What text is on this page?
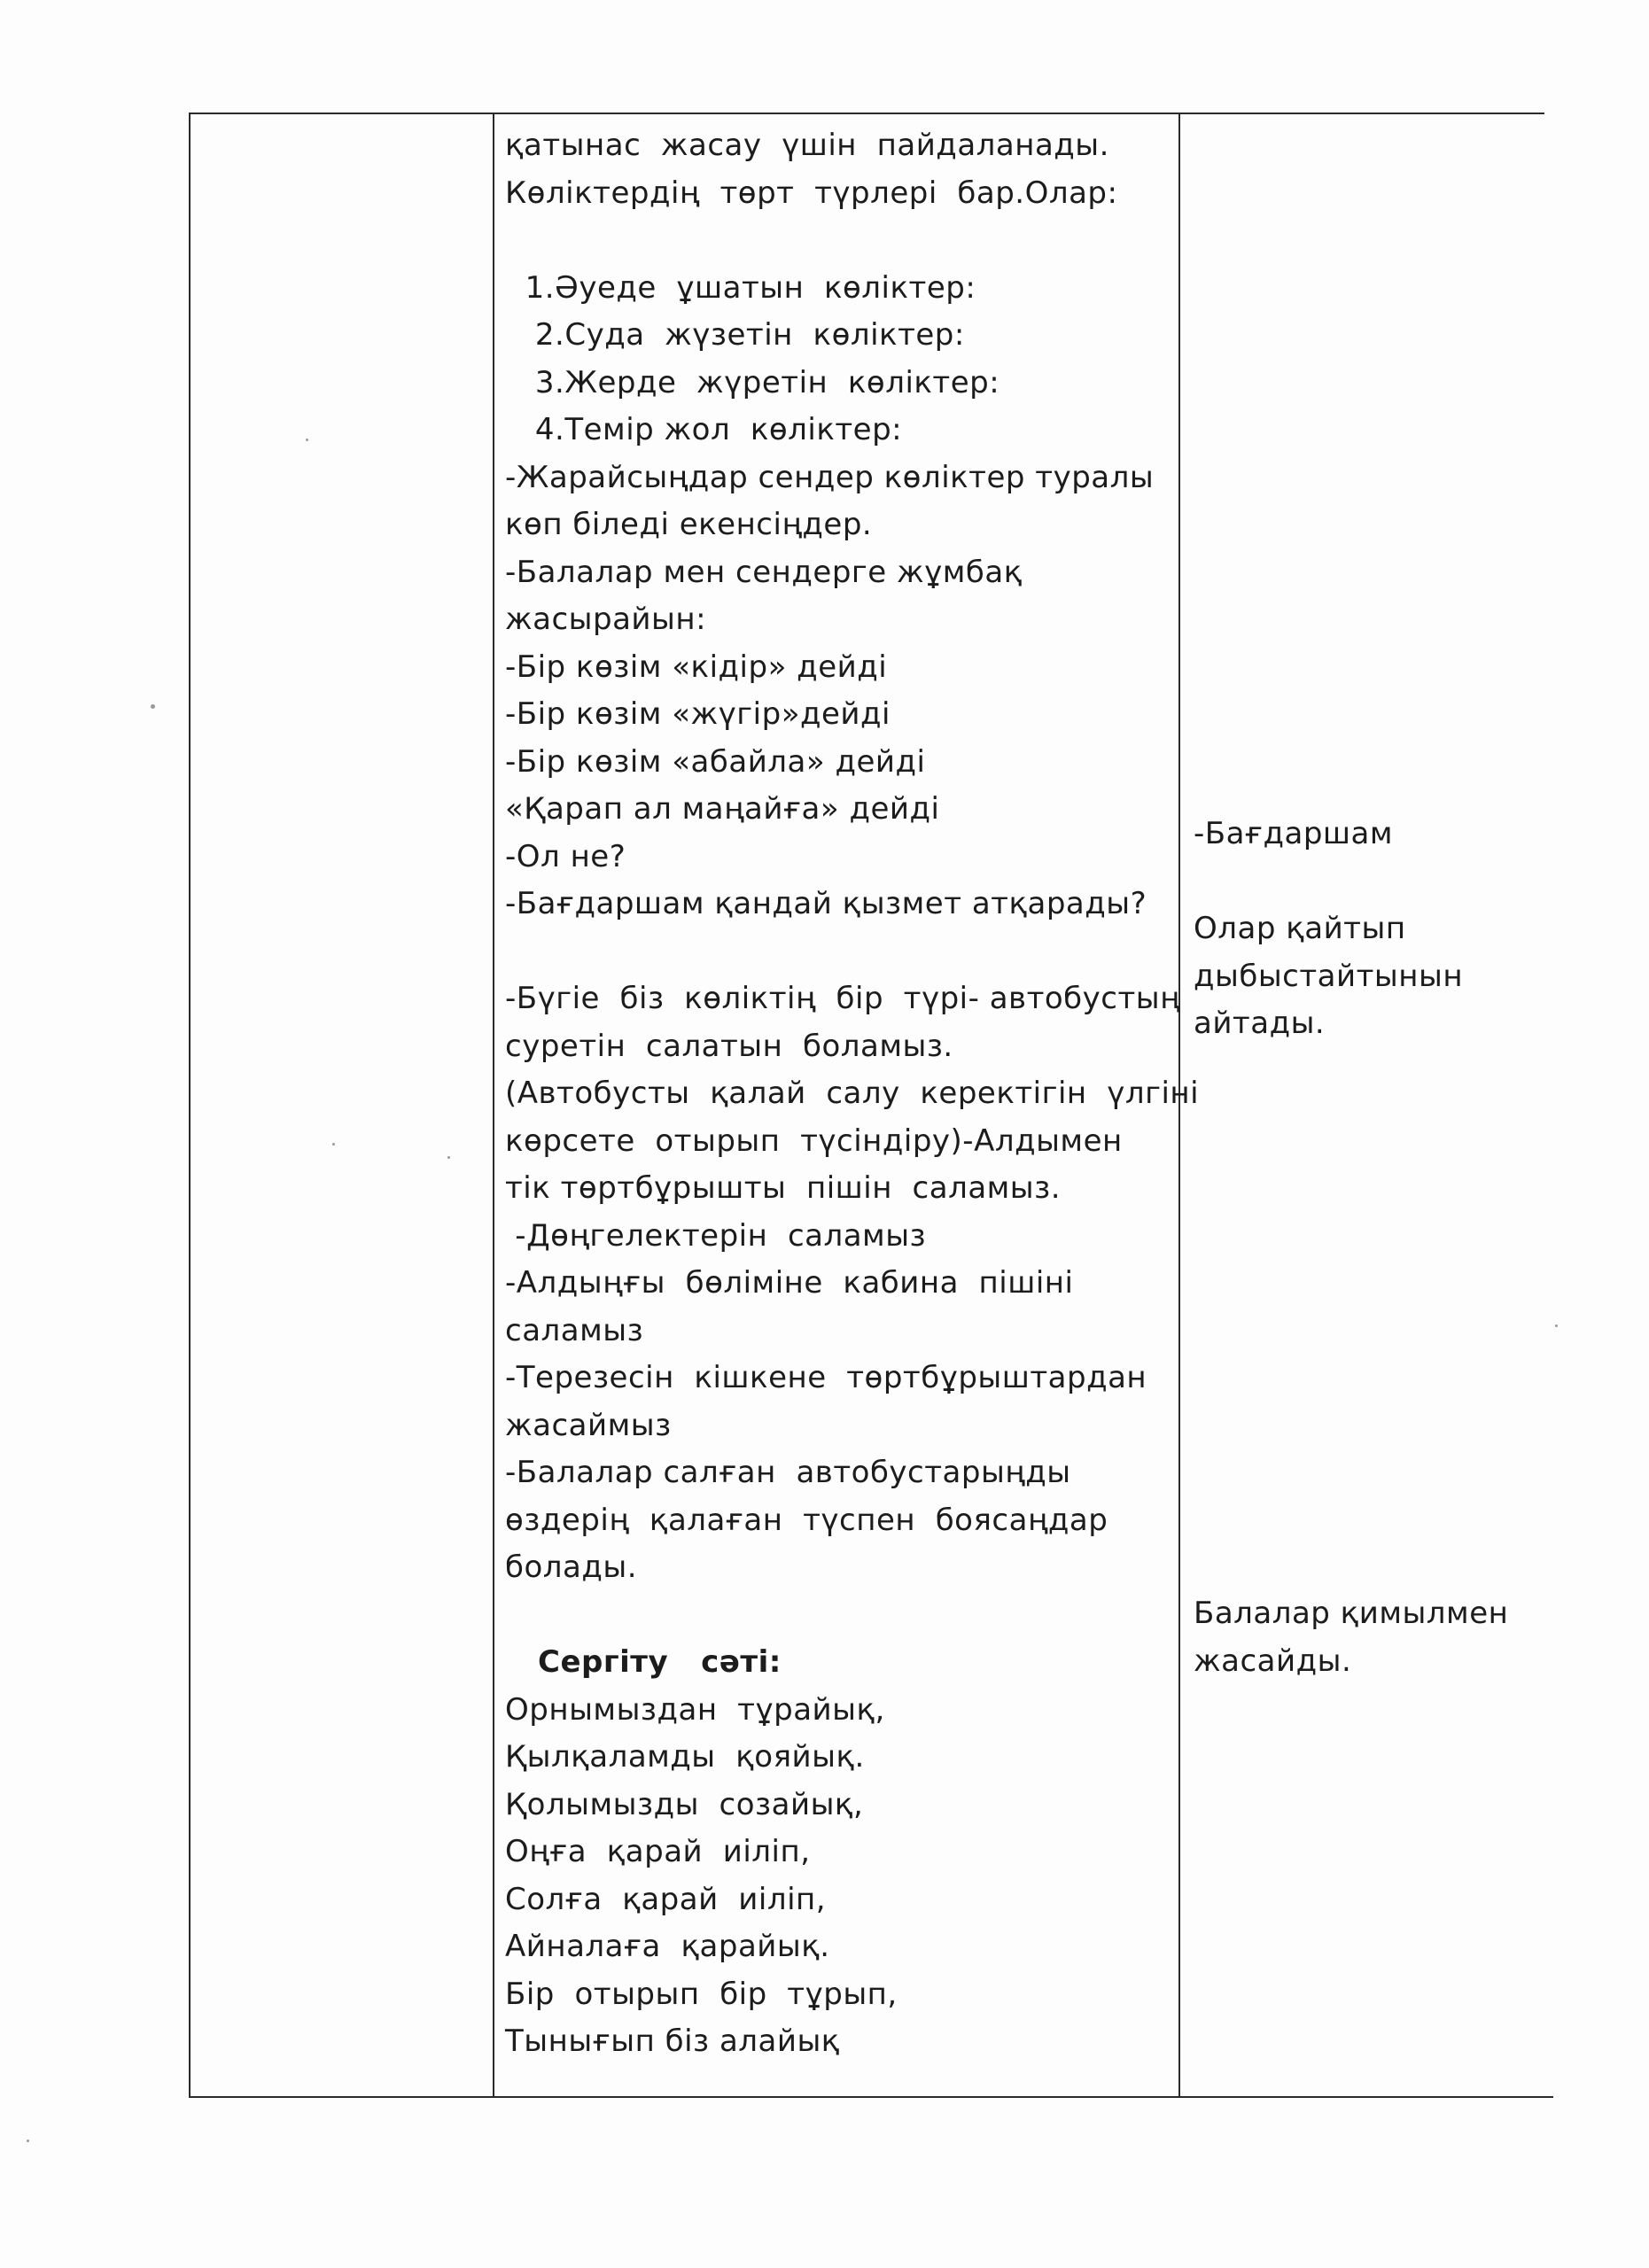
қатынас  жасау  үшін  пайдаланады.
Көліктердің  төрт  түрлері  бар.Олар:
1.Әуеде  ұшатын  көліктер:
2.Суда  жүзетін  көліктер:
3.Жерде  жүретін  көліктер:
4.Темір жол  көліктер:
-Жарайсыңдар сендер көліктер туралы
көп біледі екенсіңдер.
-Балалар мен сендерге жұмбақ
жасырайын:
-Бір көзім «кідір» дейді
-Бір көзім «жүгір»дейді
-Бір көзім «абайла» дейді
«Қарап ал маңайға» дейді
-Ол не?
-Бағдаршам қандай қызмет атқарады?
-Бүгіе  біз  көліктің  бір  түрі- автобустың
суретін  салатын  боламыз.
(Автобусты  қалай  салу  керектігін  үлгіні
көрсете  отырып  түсіндіру)-Алдымен
тік төртбұрышты  пішін  саламыз.
-Дөңгелектерін  саламыз
-Алдыңғы  бөліміне  кабина  пішіні
саламыз
-Терезесін  кішкене  төртбұрыштардан
жасаймыз
-Балалар салған  автобустарыңды
өздерің  қалаған  түспен  боясаңдар
болады.
Сергіту   сәті:
Орнымыздан  тұрайық,
Қылқаламды  қояйық.
Қолымызды  созайық,
Оңға  қарай  иіліп,
Солға  қарай  иіліп,
Айналаға  қарайық.
Бір  отырып  бір  тұрып,
Тынығып біз алайық
-Бағдаршам
Олар қайтып
дыбыстайтынын
айтады.
Балалар қимылмен
жасайды.
